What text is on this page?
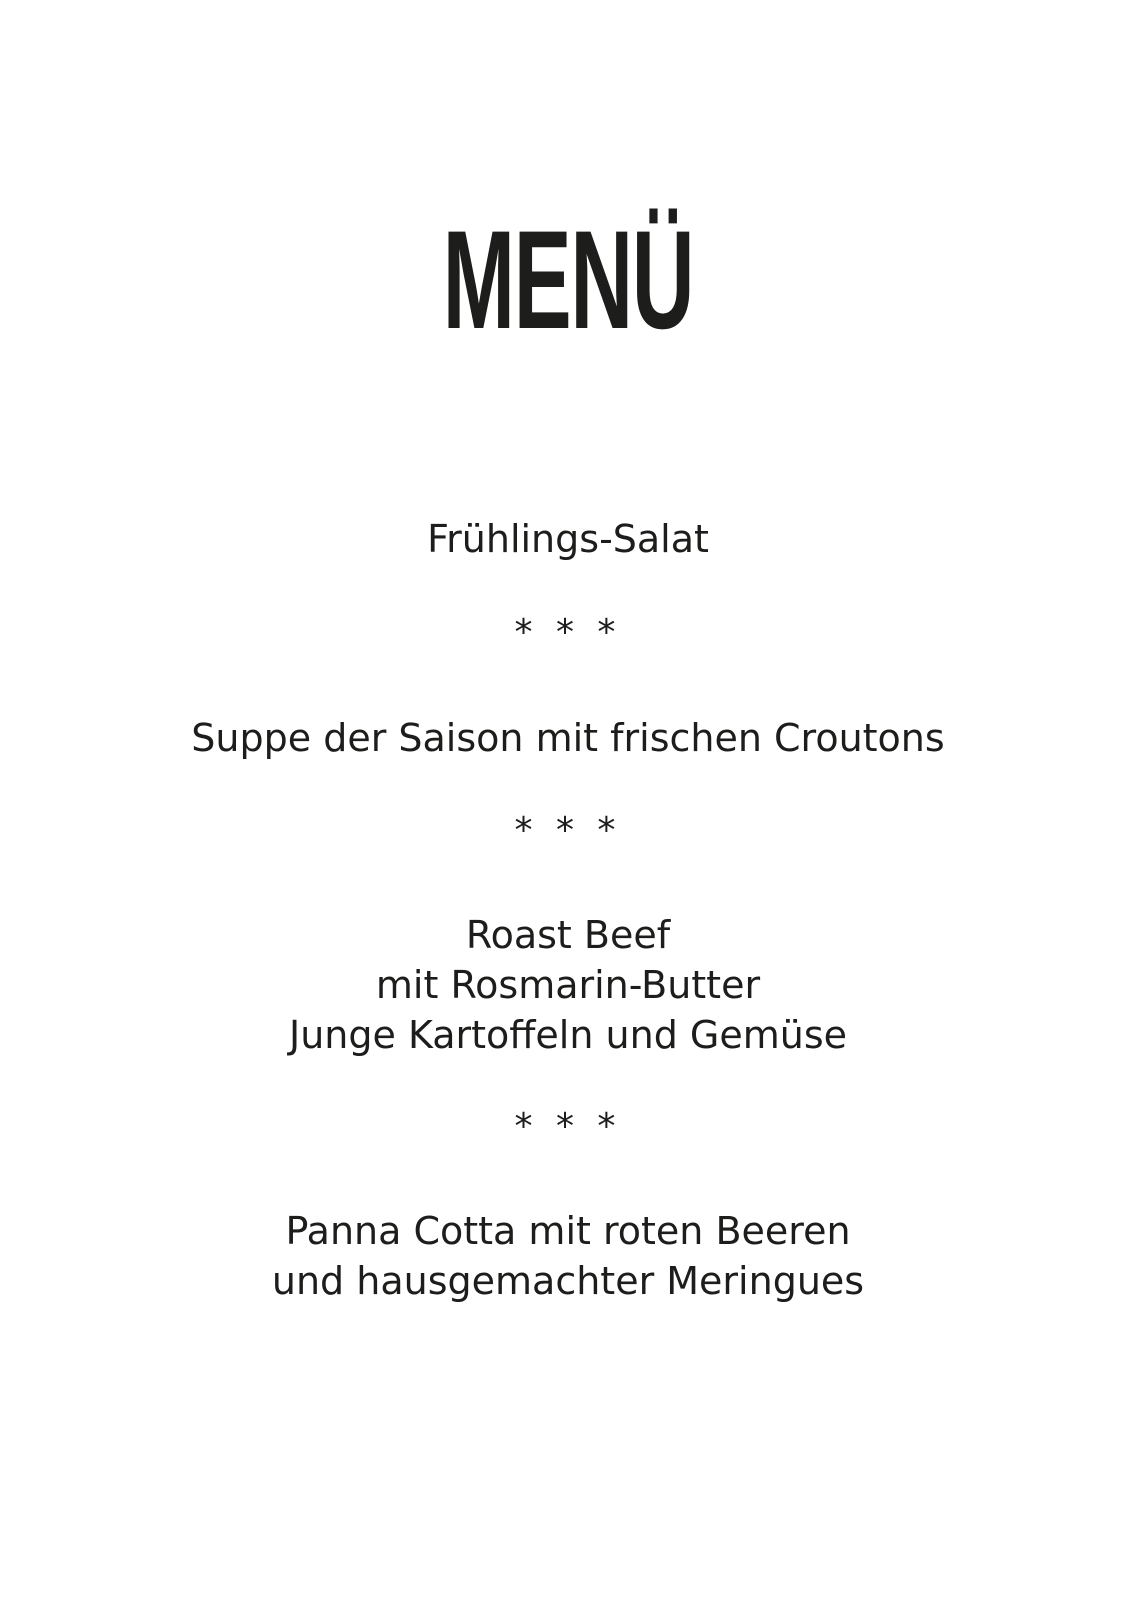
MENÜ

Frühlings-Salat

* * *

Suppe der Saison mit frischen Croutons

* * *

Roast Beef

mit Rosmarin-Butter

Junge Kartoffeln und Gemüse

* * *

Panna Cotta mit roten Beeren

und hausgemachter Meringues
